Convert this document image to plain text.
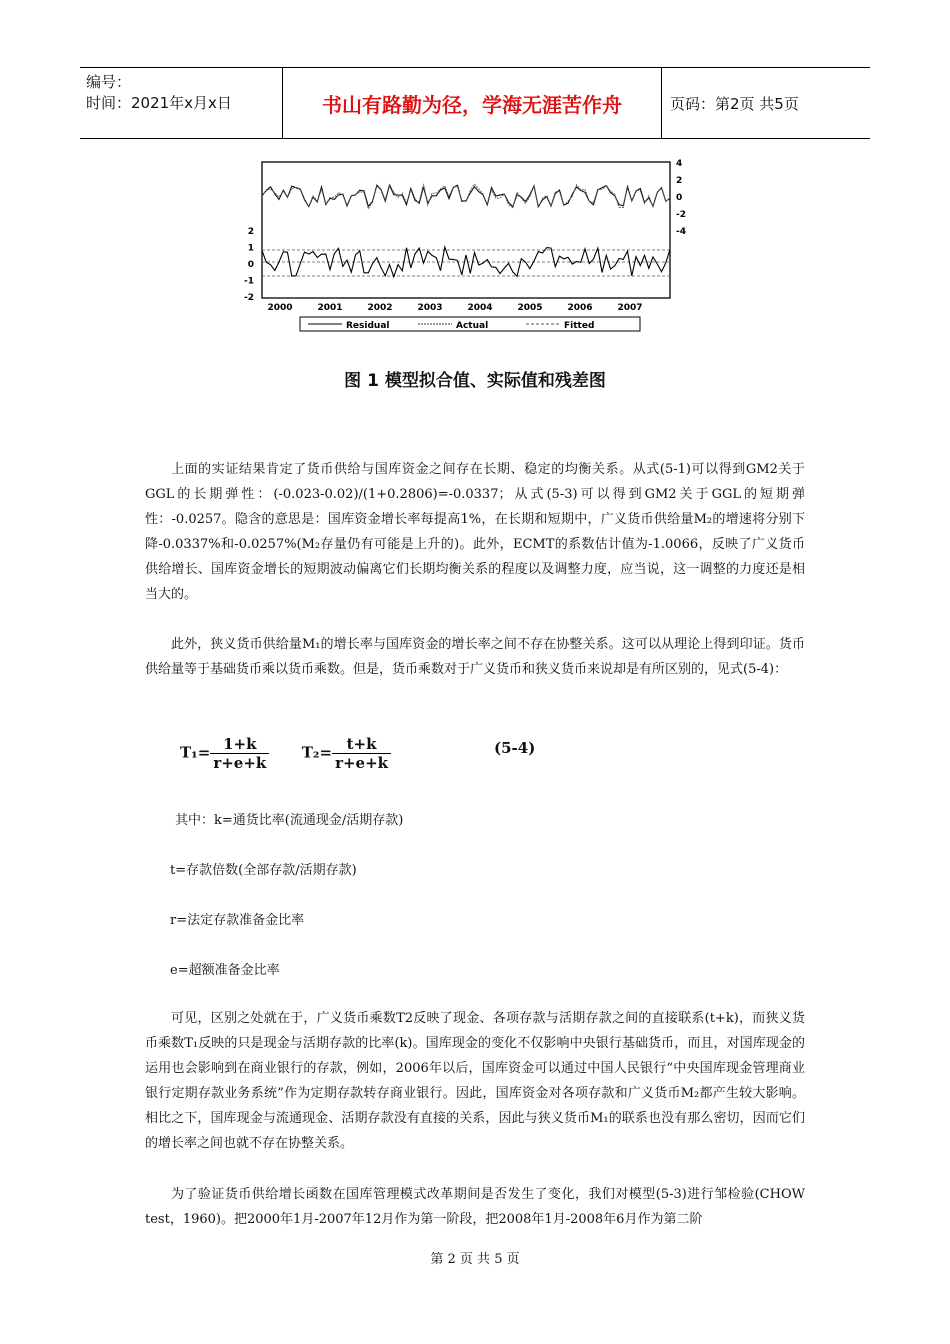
编号：
时间：2021年x月x日	书山有路勤为径，学海无涯苦作舟	页码：第2页 共5页
4
2
0
-2
-4
2
1
0
-1
-2
2000	2001	2002	2003	2004	2005	2006	2007
Residual	Actual	Fitted
图 1 模型拟合值、实际值和残差图
上面的实证结果肯定了货币供给与国库资金之间存在长期、稳定的均衡关系。从式(5-1)可以得到GM2关于GGL的长期弹性：(-0.023-0.02)/(1+0.2806)=-0.0337；从式(5-3)可以得到GM2关于GGL的短期弹性：-0.0257。隐含的意思是：国库资金增长率每提高1%，在长期和短期中，广义货币供给量M₂的增速将分别下降-0.0337%和-0.0257%(M₂存量仍有可能是上升的)。此外，ECMT的系数估计值为-1.0066，反映了广义货币供给增长、国库资金增长的短期波动偏离它们长期均衡关系的程度以及调整力度，应当说，这一调整的力度还是相当大的。
此外，狭义货币供给量M₁的增长率与国库资金的增长率之间不存在协整关系。这可以从理论上得到印证。货币供给量等于基础货币乘以货币乘数。但是，货币乘数对于广义货币和狭义货币来说却是有所区别的，见式(5-4)：
$T_1= \frac{1+k}{r+e+k} T_2= \frac{t+k}{r+e+k}$	(5-4)
其中：k=通货比率(流通现金/活期存款)
t=存款倍数(全部存款/活期存款)
r=法定存款准备金比率
e=超额准备金比率
可见，区别之处就在于，广义货币乘数T2反映了现金、各项存款与活期存款之间的直接联系(t+k)，而狭义货币乘数T₁反映的只是现金与活期存款的比率(k)。国库现金的变化不仅影响中央银行基础货币，而且，对国库现金的运用也会影响到在商业银行的存款，例如，2006年以后，国库资金可以通过中国人民银行“中央国库现金管理商业银行定期存款业务系统”作为定期存款转存商业银行。因此，国库资金对各项存款和广义货币M₂都产生较大影响。相比之下，国库现金与流通现金、活期存款没有直接的关系，因此与狭义货币M₁的联系也没有那么密切，因而它们的增长率之间也就不存在协整关系。
为了验证货币供给增长函数在国库管理模式改革期间是否发生了变化，我们对模型(5-3)进行邹检验(CHOW test，1960)。把2000年1月-2007年12月作为第一阶段，把2008年1月-2008年6月作为第二阶
第 2 页 共 5 页
